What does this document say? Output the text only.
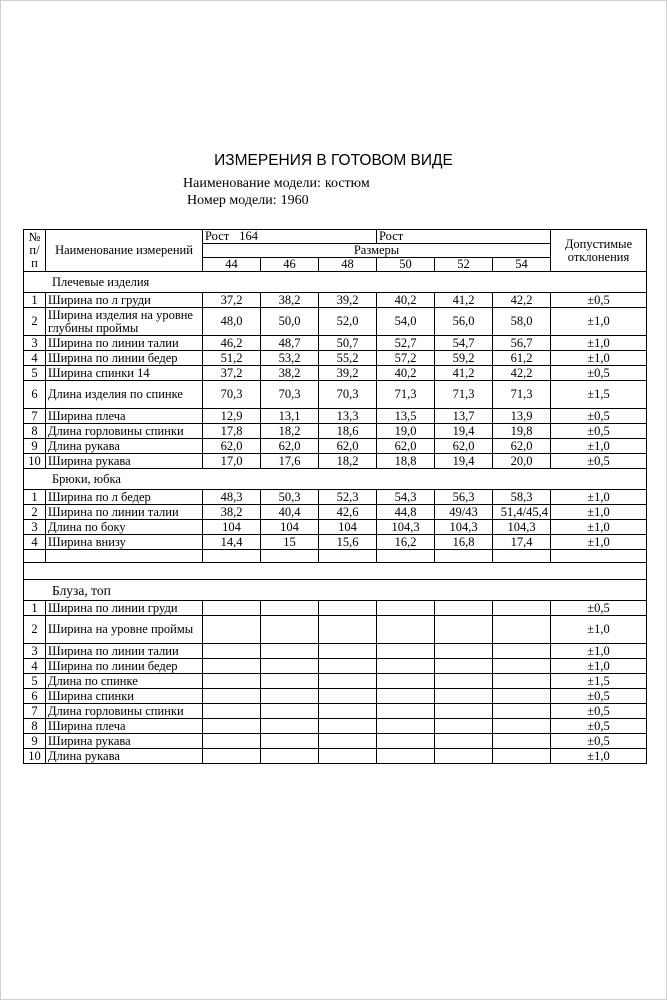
ИЗМЕРЕНИЯ В ГОТОВОМ ВИДЕ
Наименование модели: костюм
Номер модели: 1960
№ п/ п	Наименование измерений	Рост 164			Рост			Допустимые отклонения
		Размеры						
		44	46	48	50	52	54	
Плечевые изделия								
1	Ширина по л груди	37,2	38,2	39,2	40,2	41,2	42,2	±0,5
2	Ширина изделия на уровне глубины проймы	48,0	50,0	52,0	54,0	56,0	58,0	±1,0
3	Ширина по линии талии	46,2	48,7	50,7	52,7	54,7	56,7	±1,0
4	Ширина по линии бедер	51,2	53,2	55,2	57,2	59,2	61,2	±1,0
5	Ширина спинки 14	37,2	38,2	39,2	40,2	41,2	42,2	±0,5
6	Длина изделия по спинке	70,3	70,3	70,3	71,3	71,3	71,3	±1,5
7	Ширина плеча	12,9	13,1	13,3	13,5	13,7	13,9	±0,5
8	Длина горловины спинки	17,8	18,2	18,6	19,0	19,4	19,8	±0,5
9	Длина рукава	62,0	62,0	62,0	62,0	62,0	62,0	±1,0
10	Ширина рукава	17,0	17,6	18,2	18,8	19,4	20,0	±0,5
Брюки, юбка								
1	Ширина по л бедер	48,3	50,3	52,3	54,3	56,3	58,3	±1,0
2	Ширина по линии талии	38,2	40,4	42,6	44,8	49/43	51,4/45,4	±1,0
3	Длина по боку	104	104	104	104,3	104,3	104,3	±1,0
4	Ширина внизу	14,4	15	15,6	16,2	16,8	17,4	±1,0

Блуза, топ								
1	Ширина по линии груди							±0,5
2	Ширина на уровне проймы							±1,0
3	Ширина по линии талии							±1,0
4	Ширина по линии бедер							±1,0
5	Длина по спинке							±1,5
6	Ширина спинки							±0,5
7	Длина горловины спинки							±0,5
8	Ширина плеча							±0,5
9	Ширина рукава							±0,5
10	Длина рукава							±1,0
